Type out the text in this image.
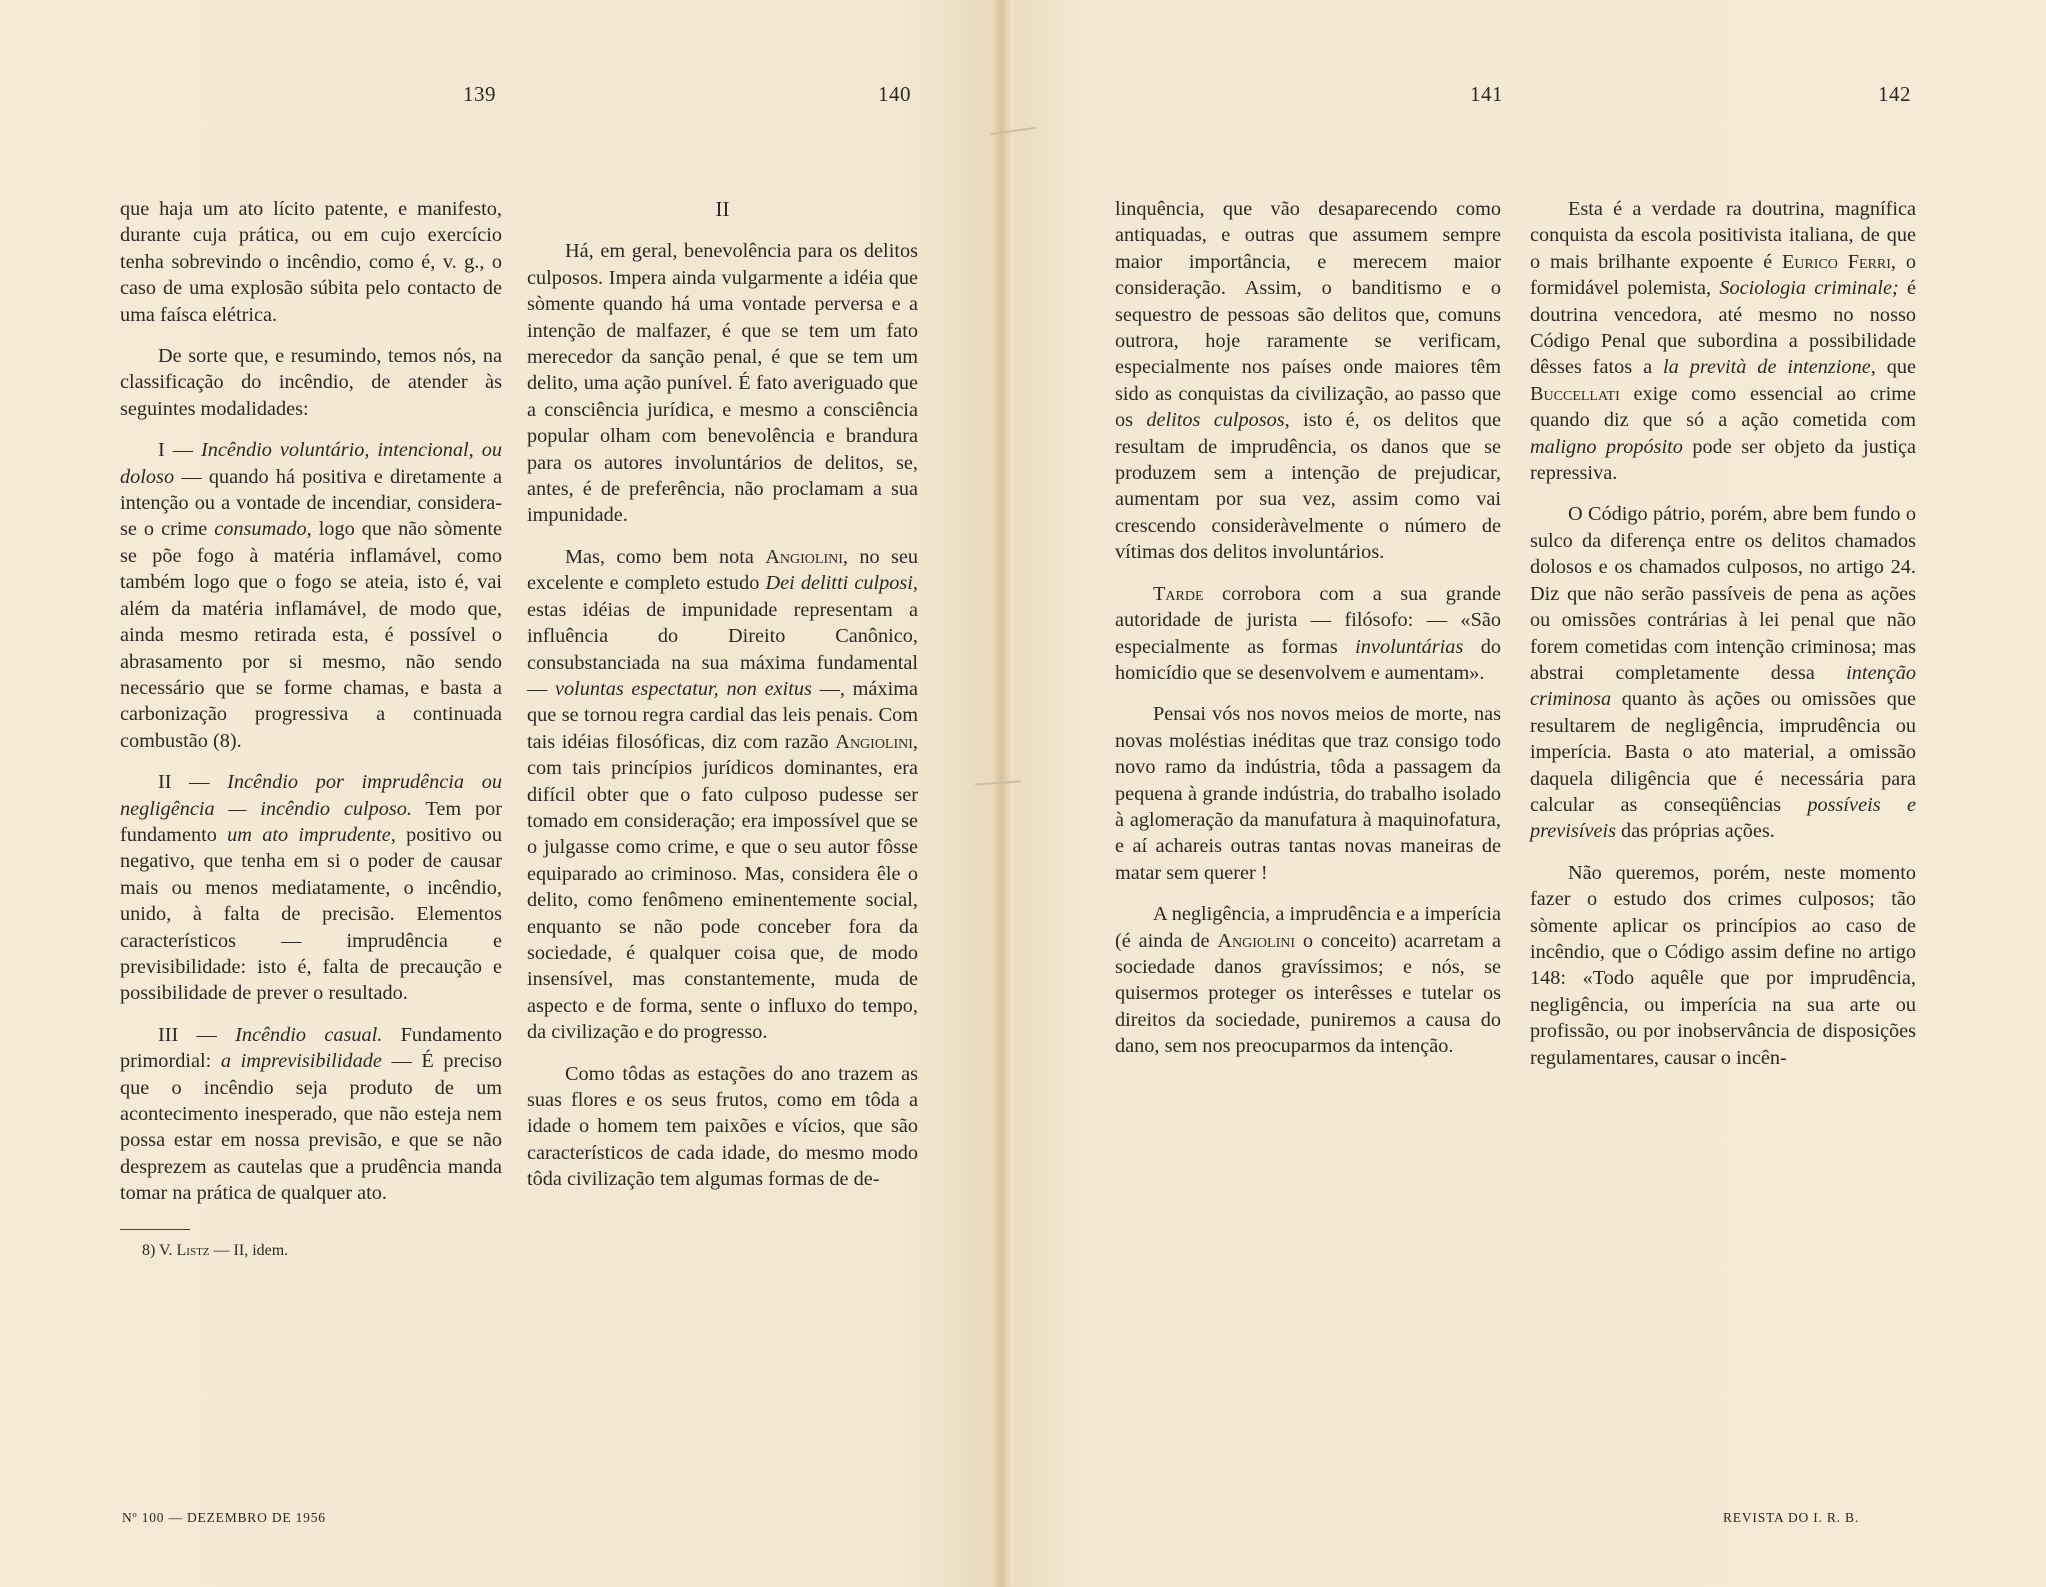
139	140	141	142

que haja um ato lícito patente, e manifesto, durante cuja prática, ou em cujo exercício tenha sobrevindo o incêndio, como é, v. g., o caso de uma explosão súbita pelo contacto de uma faísca elétrica.

De sorte que, e resumindo, temos nós, na classificação do incêndio, de atender às seguintes modalidades:

I — Incêndio voluntário, intencional, ou doloso — quando há positiva e diretamente a intenção ou a vontade de incendiar, considera-se o crime consumado, logo que não sòmente se põe fogo à matéria inflamável, como também logo que o fogo se ateia, isto é, vai além da matéria inflamável, de modo que, ainda mesmo retirada esta, é possível o abrasamento por si mesmo, não sendo necessário que se forme chamas, e basta a carbonização progressiva a continuada combustão (8).

II — Incêndio por imprudência ou negligência — incêndio culposo. Tem por fundamento um ato imprudente, positivo ou negativo, que tenha em si o poder de causar mais ou menos mediatamente, o incêndio, unido, à falta de precisão. Elementos característicos — imprudência e previsibilidade: isto é, falta de precaução e possibilidade de prever o resultado.

III — Incêndio casual. Fundamento primordial: a imprevisibilidade — É preciso que o incêndio seja produto de um acontecimento inesperado, que não esteja nem possa estar em nossa previsão, e que se não desprezem as cautelas que a prudência manda tomar na prática de qualquer ato.

8) V. Listz — II, idem.

II

Há, em geral, benevolência para os delitos culposos. Impera ainda vulgarmente a idéia que sòmente quando há uma vontade perversa e a intenção de malfazer, é que se tem um fato merecedor da sanção penal, é que se tem um delito, uma ação punível. É fato averiguado que a consciência jurídica, e mesmo a consciência popular olham com benevolência e brandura para os autores involuntários de delitos, se, antes, é de preferência, não proclamam a sua impunidade.

Mas, como bem nota Angiolini, no seu excelente e completo estudo Dei delitti culposi, estas idéias de impunidade representam a influência do Direito Canônico, consubstanciada na sua máxima fundamental — voluntas espectatur, non exitus —, máxima que se tornou regra cardial das leis penais. Com tais idéias filosóficas, diz com razão Angiolini, com tais princípios jurídicos dominantes, era difícil obter que o fato culposo pudesse ser tomado em consideração; era impossível que se o julgasse como crime, e que o seu autor fôsse equiparado ao criminoso. Mas, considera êle o delito, como fenômeno eminentemente social, enquanto se não pode conceber fora da sociedade, é qualquer coisa que, de modo insensível, mas constantemente, muda de aspecto e de forma, sente o influxo do tempo, da civilização e do progresso.

Como tôdas as estações do ano trazem as suas flores e os seus frutos, como em tôda a idade o homem tem paixões e vícios, que são característicos de cada idade, do mesmo modo tôda civilização tem algumas formas de de-

linquência, que vão desaparecendo como antiquadas, e outras que assumem sempre maior importância, e merecem maior consideração. Assim, o banditismo e o sequestro de pessoas são delitos que, comuns outrora, hoje raramente se verificam, especialmente nos países onde maiores têm sido as conquistas da civilização, ao passo que os delitos culposos, isto é, os delitos que resultam de imprudência, os danos que se produzem sem a intenção de prejudicar, aumentam por sua vez, assim como vai crescendo consideràvelmente o número de vítimas dos delitos involuntários.

Tarde corrobora com a sua grande autoridade de jurista — filósofo: — «São especialmente as formas involuntárias do homicídio que se desenvolvem e aumentam».

Pensai vós nos novos meios de morte, nas novas moléstias inéditas que traz consigo todo novo ramo da indústria, tôda a passagem da pequena à grande indústria, do trabalho isolado à aglomeração da manufatura à maquinofatura, e aí achareis outras tantas novas maneiras de matar sem querer !

A negligência, a imprudência e a imperícia (é ainda de Angiolini o conceito) acarretam a sociedade danos gravíssimos; e nós, se quisermos proteger os interêsses e tutelar os direitos da sociedade, puniremos a causa do dano, sem nos preocuparmos da intenção.

Esta é a verdade ra doutrina, magnífica conquista da escola positivista italiana, de que o mais brilhante expoente é Eurico Ferri, o formidável polemista, Sociologia criminale; é doutrina vencedora, até mesmo no nosso Código Penal que subordina a possibilidade dêsses fatos a la prevità de intenzione, que Buccellati exige como essencial ao crime quando diz que só a ação cometida com maligno propósito pode ser objeto da justiça repressiva.

O Código pátrio, porém, abre bem fundo o sulco da diferença entre os delitos chamados dolosos e os chamados culposos, no artigo 24. Diz que não serão passíveis de pena as ações ou omissões contrárias à lei penal que não forem cometidas com intenção criminosa; mas abstrai completamente dessa intenção criminosa quanto às ações ou omissões que resultarem de negligência, imprudência ou imperícia. Basta o ato material, a omissão daquela diligência que é necessária para calcular as conseqüências possíveis e previsíveis das próprias ações.

Não queremos, porém, neste momento fazer o estudo dos crimes culposos; tão sòmente aplicar os princípios ao caso de incêndio, que o Código assim define no artigo 148: «Todo aquêle que por imprudência, negligência, ou imperícia na sua arte ou profissão, ou por inobservância de disposições regulamentares, causar o incên-

Nº 100 — DEZEMBRO DE 1956	REVISTA DO I. R. B.
